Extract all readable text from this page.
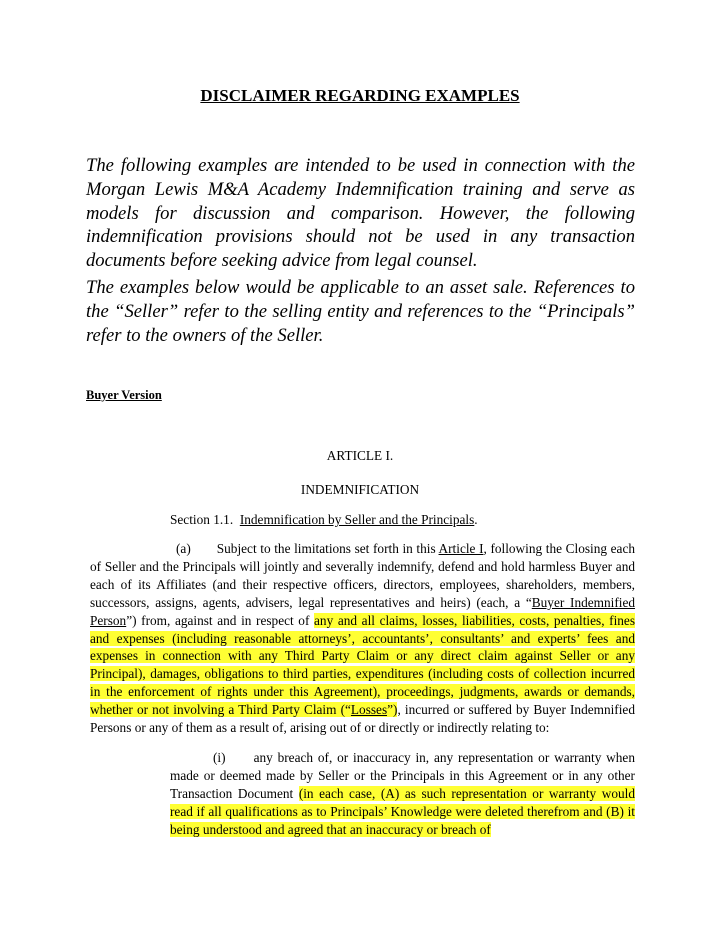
DISCLAIMER REGARDING EXAMPLES

The following examples are intended to be used in connection with the Morgan Lewis M&A Academy Indemnification training and serve as models for discussion and comparison. However, the following indemnification provisions should not be used in any transaction documents before seeking advice from legal counsel.

The examples below would be applicable to an asset sale. References to the “Seller” refer to the selling entity and references to the “Principals” refer to the owners of the Seller.

Buyer Version
ARTICLE I.
INDEMNIFICATION
Section 1.1. Indemnification by Seller and the Principals.

(a) Subject to the limitations set forth in this Article I, following the Closing each of Seller and the Principals will jointly and severally indemnify, defend and hold harmless Buyer and each of its Affiliates (and their respective officers, directors, employees, shareholders, members, successors, assigns, agents, advisers, legal representatives and heirs) (each, a “Buyer Indemnified Person”) from, against and in respect of any and all claims, losses, liabilities, costs, penalties, fines and expenses (including reasonable attorneys’, accountants’, consultants’ and experts’ fees and expenses in connection with any Third Party Claim or any direct claim against Seller or any Principal), damages, obligations to third parties, expenditures (including costs of collection incurred in the enforcement of rights under this Agreement), proceedings, judgments, awards or demands, whether or not involving a Third Party Claim (“Losses”), incurred or suffered by Buyer Indemnified Persons or any of them as a result of, arising out of or directly or indirectly relating to:

(i) any breach of, or inaccuracy in, any representation or warranty when made or deemed made by Seller or the Principals in this Agreement or in any other Transaction Document (in each case, (A) as such representation or warranty would read if all qualifications as to Principals’ Knowledge were deleted therefrom and (B) it being understood and agreed that an inaccuracy or breach of
